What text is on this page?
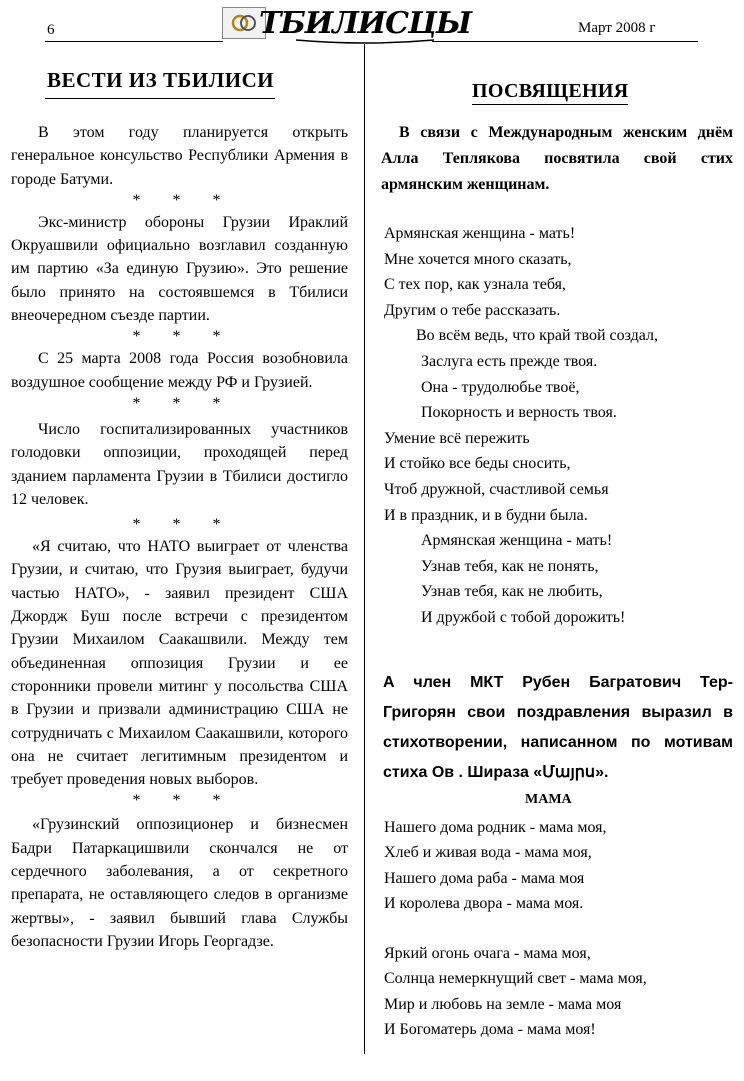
6	ТБИЛИСЦЫ	Март 2008 г
ВЕСТИ ИЗ ТБИЛИСИ

В этом году планируется открыть генеральное консульство Республики Армения в городе Батуми.

* * *

Экс-министр обороны Грузии Ираклий Окруашвили официально возглавил созданную им партию «За единую Грузию». Это решение было принято на состоявшемся в Тбилиси внеочередном съезде партии.

* * *

С 25 марта 2008 года Россия возобновила воздушное сообщение между РФ и Грузией.

* * *

Число госпитализированных участников голодовки оппозиции, проходящей перед зданием парламента Грузии в Тбилиси достигло 12 человек.

* * *

«Я считаю, что НАТО выиграет от членства Грузии, и считаю, что Грузия выиграет, будучи частью НАТО», - заявил президент США Джордж Буш после встречи с президентом Грузии Михаилом Саакашвили. Между тем объединенная оппозиция Грузии и ее сторонники провели митинг у посольства США в Грузии и призвали администрацию США не сотрудничать с Михаилом Саакашвили, которого она не считает легитимным президентом и требует проведения новых выборов.

* * *

«Грузинский оппозиционер и бизнесмен Бадри Патаркацишвили скончался не от сердечного заболевания, а от секретного препарата, не оставляющего следов в организме жертвы», - заявил бывший глава Службы безопасности Грузии Игорь Георгадзе.

ПОСВЯЩЕНИЯ
В связи с Международным женским днём Алла Теплякова посвятила свой стих армянским женщинам.
Армянская женщина - мать!
Мне хочется много сказать,
С тех пор, как узнала тебя,
Другим о тебе рассказать.
Во всём ведь, что край твой создал,
Заслуга есть прежде твоя.
Она - трудолюбье твоё,
Покорность и верность твоя.
Умение всё пережить
И стойко все беды сносить,
Чтоб дружной, счастливой семья
И в праздник, и в будни была.
Армянская женщина - мать!
Узнав тебя, как не понять,
Узнав тебя, как не любить,
И дружбой с тобой дорожить!
А член МКТ Рубен Багратович Тер-Григорян свои поздравления выразил в стихотворении, написанном по мотивам стиха Ов . Шираза «Մայրս».
МАМА
Нашего дома родник - мама моя,
Хлеб и живая вода - мама моя,
Нашего дома раба - мама моя
И королева двора - мама моя.
Яркий огонь очага - мама моя,
Солнца немеркнущий свет - мама моя,
Мир и любовь на земле - мама моя
И Богоматерь дома - мама моя!
